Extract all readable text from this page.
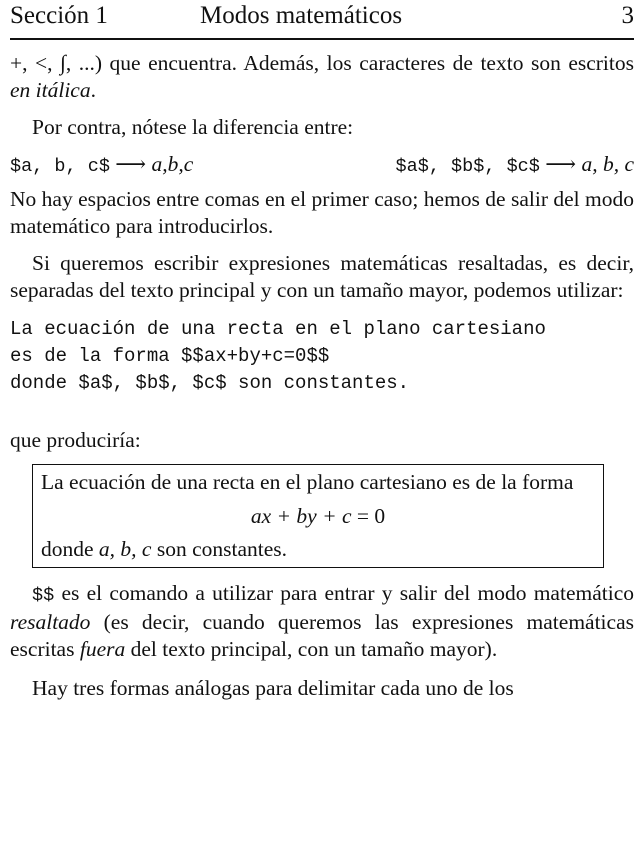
Sección 1	Modos matemáticos	3

+, <, ∫, ...) que encuentra. Además, los caracteres de texto son escritos en itálica.

Por contra, nótese la diferencia entre:

$a, b, c$ ⟶ a,b,c	$a$, $b$, $c$ ⟶ a, b, c

No hay espacios entre comas en el primer caso; hemos de salir del modo matemático para introducirlos.

Si queremos escribir expresiones matemáticas resaltadas, es decir, separadas del texto principal y con un tamaño mayor, podemos utilizar:

La ecuación de una recta en el plano cartesiano
es de la forma $$ax+by+c=0$$
donde $a$, $b$, $c$ son constantes.

que produciría:

La ecuación de una recta en el plano cartesiano es de la forma

ax + by + c = 0

donde a, b, c son constantes.

$$ es el comando a utilizar para entrar y salir del modo matemático resaltado (es decir, cuando queremos las expresiones matemáticas escritas fuera del texto principal, con un tamaño mayor).

Hay tres formas análogas para delimitar cada uno de los
